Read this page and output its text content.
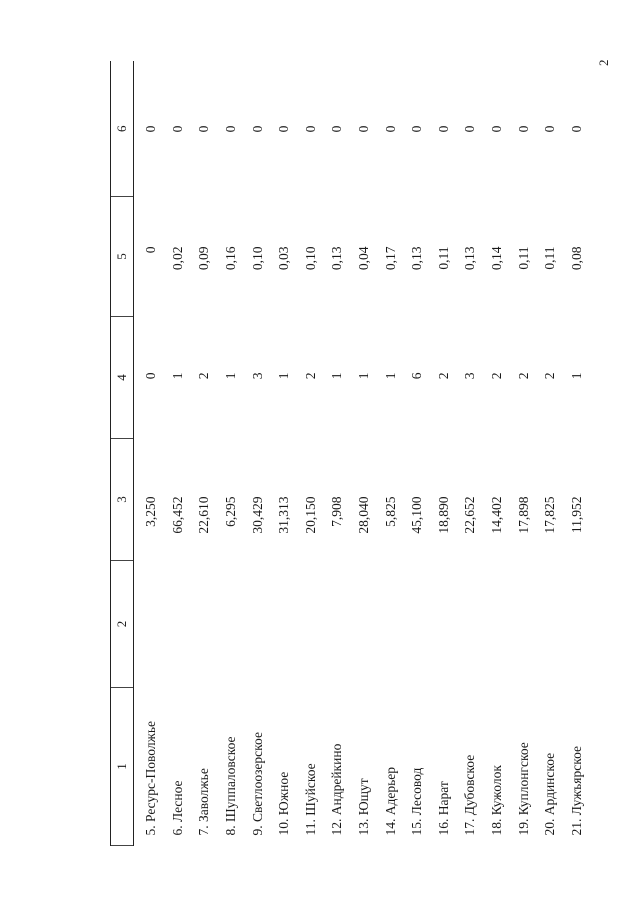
2
1	2	3	4	5	6
5. Ресурс-Поволжье		3,250	0	0	0
6. Лесное		66,452	1	0,02	0
7. Заволжье		22,610	2	0,09	0
8. Шуппаловское		6,295	1	0,16	0
9. Светлоозерское		30,429	3	0,10	0
10. Южное		31,313	1	0,03	0
11. Шуйское		20,150	2	0,10	0
12. Андрейкино		7,908	1	0,13	0
13. Ющут		28,040	1	0,04	0
14. Адерьер		5,825	1	0,17	0
15. Лесовод		45,100	6	0,13	0
16. Нарат		18,890	2	0,11	0
17. Дубовское		22,652	3	0,13	0
18. Кужолок		14,402	2	0,14	0
19. Куплонгское		17,898	2	0,11	0
20. Ардинское		17,825	2	0,11	0
21. Лужъярское		11,952	1	0,08	0
